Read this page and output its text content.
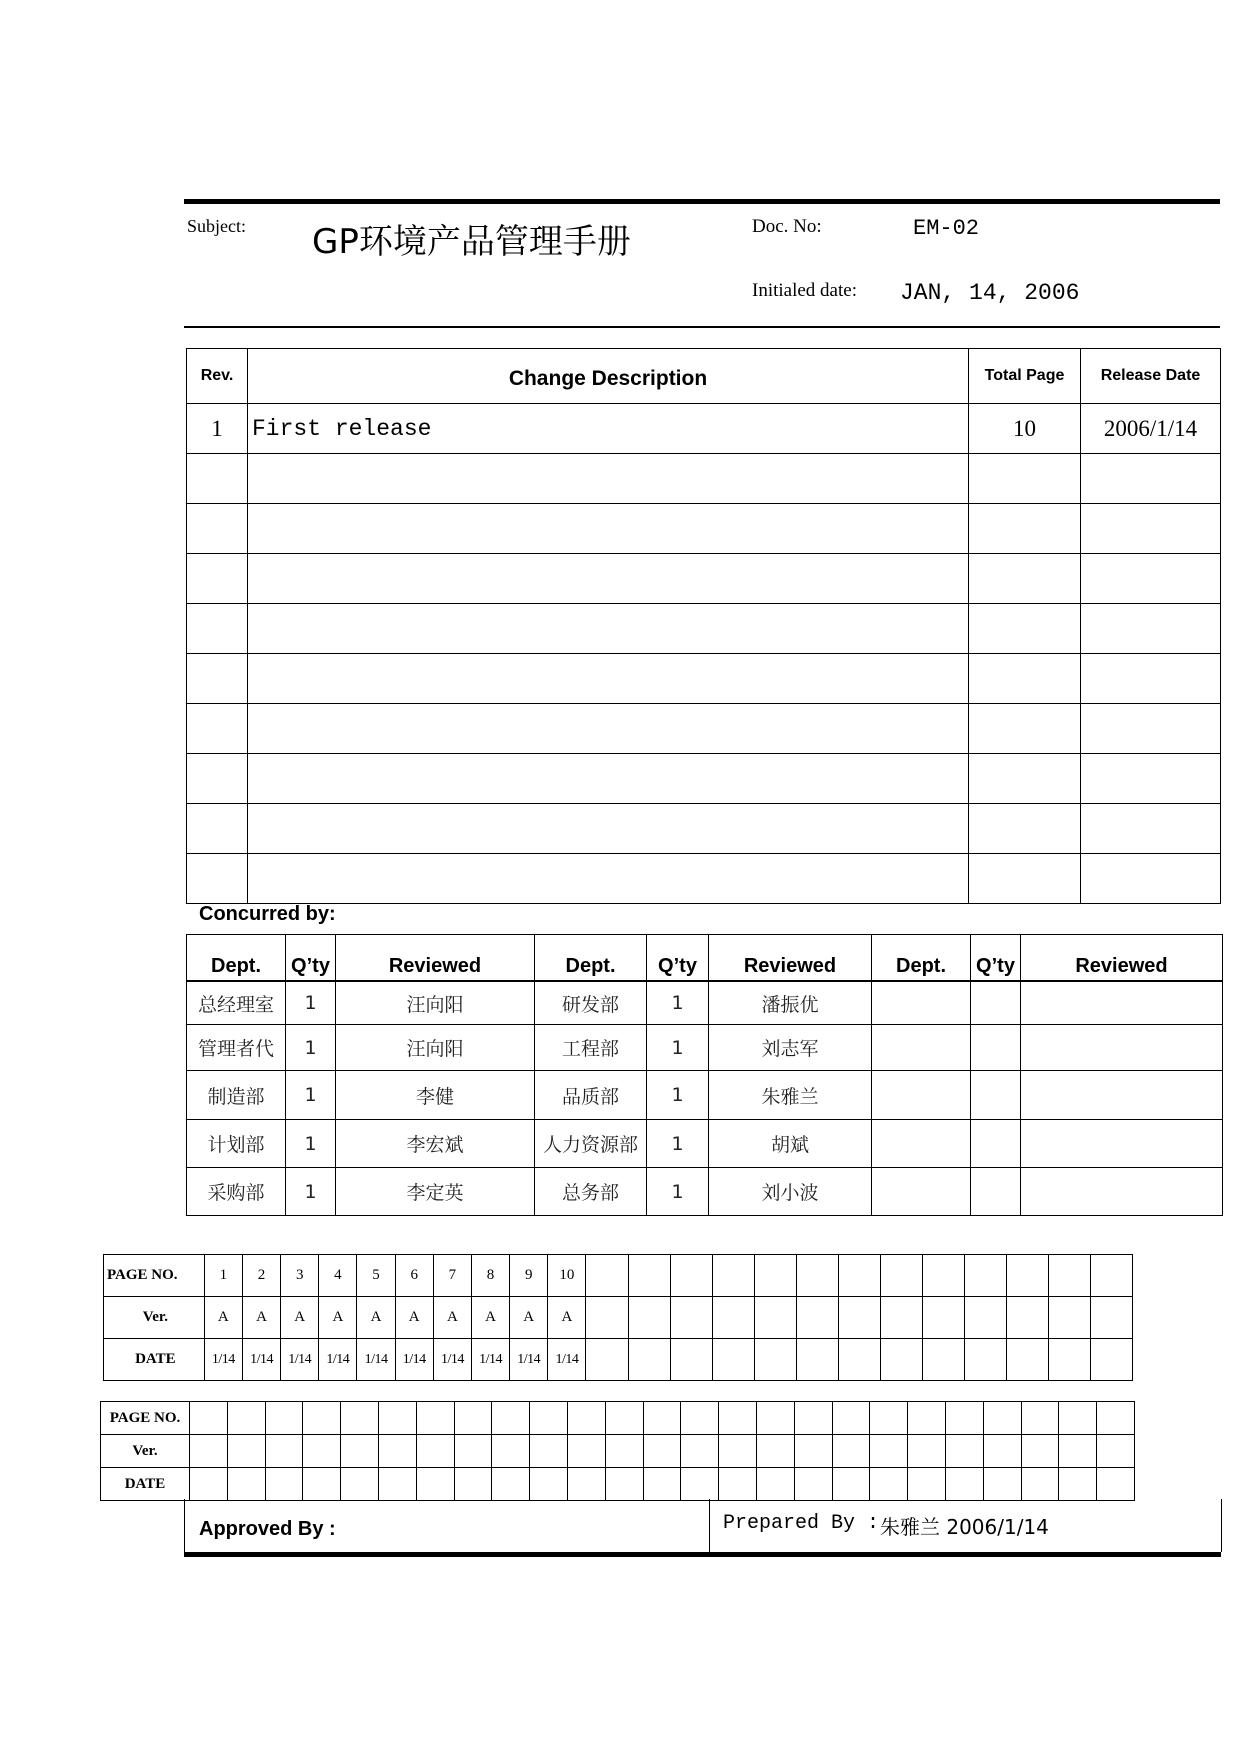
Subject: GP环境产品管理手册	Doc. No:	EM-02
Initialed date: JAN, 14, 2006
Rev.	Change Description	Total Page	Release Date
1	First release	10	2006/1/14

Concurred by:
Dept.	Q’ty	Reviewed	Dept.	Q’ty	Reviewed	Dept.	Q’ty	Reviewed
总经理室	1	汪向阳	研发部	1	潘振优			
管理者代	1	汪向阳	工程部	1	刘志军			
制造部	1	李健	品质部	1	朱雅兰			
计划部	1	李宏斌	人力资源部	1	胡斌			
采购部	1	李定英	总务部	1	刘小波			
PAGE NO.	1	2	3	4	5	6	7	8	9	10													
Ver.	A	A	A	A	A	A	A	A	A	A													
DATE	1/14	1/14	1/14	1/14	1/14	1/14	1/14	1/14	1/14	1/14													
PAGE NO.																									
Ver.																									
DATE																									
Approved By :	Prepared By : 朱雅兰 2006/1/14
